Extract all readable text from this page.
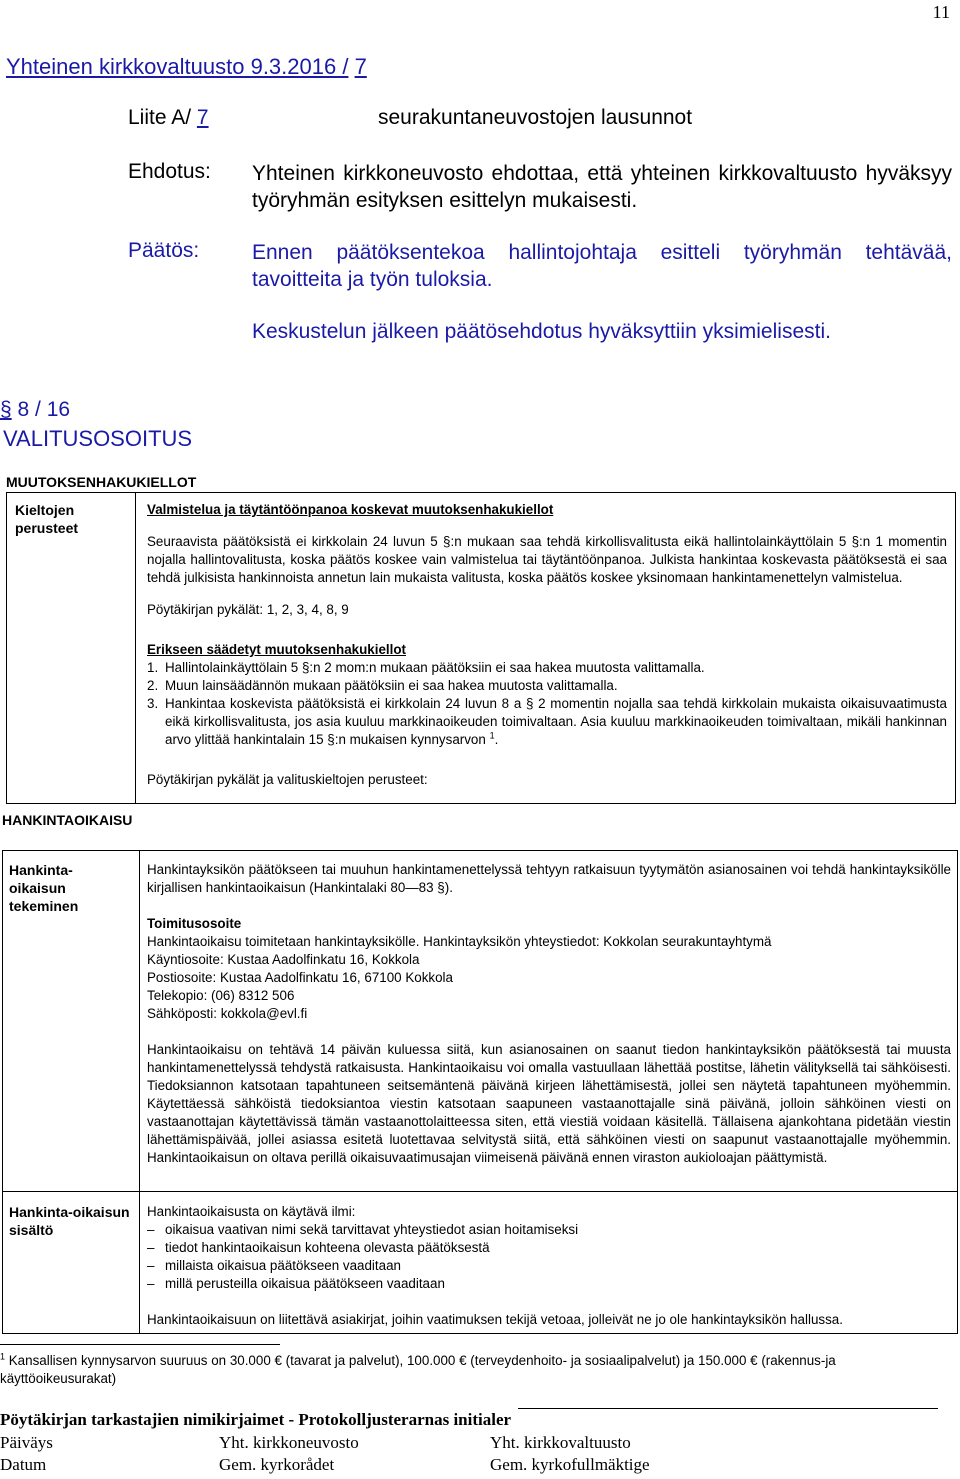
11
Yhteinen kirkkovaltuusto 9.3.2016 / 7
Liite A/ 7	seurakuntaneuvostojen lausunnot
Ehdotus: Yhteinen kirkkoneuvosto ehdottaa, että yhteinen kirkkovaltuusto hyväksyy työryhmän esityksen esittelyn mukaisesti.
Päätös:	Ennen päätöksentekoa hallintojohtaja esitteli työryhmän tehtävää, tavoitteita ja työn tuloksia.
Keskustelun jälkeen päätösehdotus hyväksyttiin yksimielisesti.
§ 8 / 16
VALITUSOSOITUS
MUUTOKSENHAKUKIELLOT
Kieltojen perusteet

Valmistelua ja täytäntöönpanoa koskevat muutoksenhakukiellot

Seuraavista päätöksistä ei kirkkolain 24 luvun 5 §:n mukaan saa tehdä kirkollisvalitusta eikä hallintolainkäyttölain 5 §:n 1 momentin nojalla hallintovalitusta, koska päätös koskee vain valmistelua tai täytäntöönpanoa. Julkista hankintaa koskevasta päätöksestä ei saa tehdä julkisista hankinnoista annetun lain mukaista valitusta, koska päätös koskee yksinomaan hankintamenettelyn valmistelua.

Pöytäkirjan pykälät: 1, 2, 3, 4, 8, 9

Erikseen säädetyt muutoksenhakukiellot

1. Hallintolainkäyttölain 5 §:n 2 mom:n mukaan päätöksiin ei saa hakea muutosta valittamalla.
2. Muun lainsäädännön mukaan päätöksiin ei saa hakea muutosta valittamalla.
3. Hankintaa koskevista päätöksistä ei kirkkolain 24 luvun 8 a § 2 momentin nojalla saa tehdä kirkkolain mukaista oikaisuvaatimusta eikä kirkollisvalitusta, jos asia kuuluu markkinaoikeuden toimivaltaan. Asia kuuluu markkinaoikeuden toimivaltaan, mikäli hankinnan arvo ylittää hankintalain 15 §:n mukaisen kynnysarvon $^1$.

Pöytäkirjan pykälät ja valituskieltojen perusteet:

HANKINTAOIKAISU
Hankinta-oikaisun tekeminen

Hankintayksikön päätökseen tai muuhun hankintamenettelyssä tehtyyn ratkaisuun tyytymätön asianosainen voi tehdä hankintayksikölle kirjallisen hankintaoikaisun (Hankintalaki 80—83 §).

Toimitusosoite

Hankintaoikaisu toimitetaan hankintayksikölle. Hankintayksikön yhteystiedot: Kokkolan seurakuntayhtymä

Käyntiosoite: Kustaa Aadolfinkatu 16, Kokkola

Postiosoite: Kustaa Aadolfinkatu 16, 67100 Kokkola

Telekopio: (06) 8312 506

Sähköposti: kokkola@evl.fi

Hankintaoikaisu on tehtävä 14 päivän kuluessa siitä, kun asianosainen on saanut tiedon hankintayksikön päätöksestä tai muusta hankintamenettelyssä tehdystä ratkaisusta. Hankintaoikaisu voi omalla vastuullaan lähettää postitse, lähetin välityksellä tai sähköisesti. Tiedoksiannon katsotaan tapahtuneen seitsemäntenä päivänä kirjeen lähettämisestä, jollei sen näytetä tapahtuneen myöhemmin. Käytettäessä sähköistä tiedoksiantoa viestin katsotaan saapuneen vastaanottajalle sinä päivänä, jolloin sähköinen viesti on vastaanottajan käytettävissä tämän vastaanottolaitteessa siten, että viestiä voidaan käsitellä. Tällaisena ajankohtana pidetään viestin lähettämispäivää, jollei asiassa esitetä luotettavaa selvitystä siitä, että sähköinen viesti on saapunut vastaanottajalle myöhemmin. Hankintaoikaisun on oltava perillä oikaisuvaatimusajan viimeisenä päivänä ennen viraston aukioloajan päättymistä.

Hankinta-oikaisun sisältö

Hankintaoikaisusta on käytävä ilmi:

– oikaisua vaativan nimi sekä tarvittavat yhteystiedot asian hoitamiseksi
– tiedot hankintaoikaisun kohteena olevasta päätöksestä
– millaista oikaisua päätökseen vaaditaan
– millä perusteilla oikaisua päätökseen vaaditaan

Hankintaoikaisuun on liitettävä asiakirjat, joihin vaatimuksen tekijä vetoaa, jolleivät ne jo ole hankintayksikön hallussa.

$^1$ Kansallisen kynnysarvon suuruus on 30.000 € (tavarat ja palvelut), 100.000 € (terveydenhoito- ja sosiaalipalvelut) ja 150.000 € (rakennus-ja käyttöoikeusurakat)
Pöytäkirjan tarkastajien nimikirjaimet - Protokolljusterarnas initialer
Päiväys
Datum
Yht. kirkkoneuvosto
Gem. kyrkorådet
Yht. kirkkovaltuusto
Gem. kyrkofullmäktige
